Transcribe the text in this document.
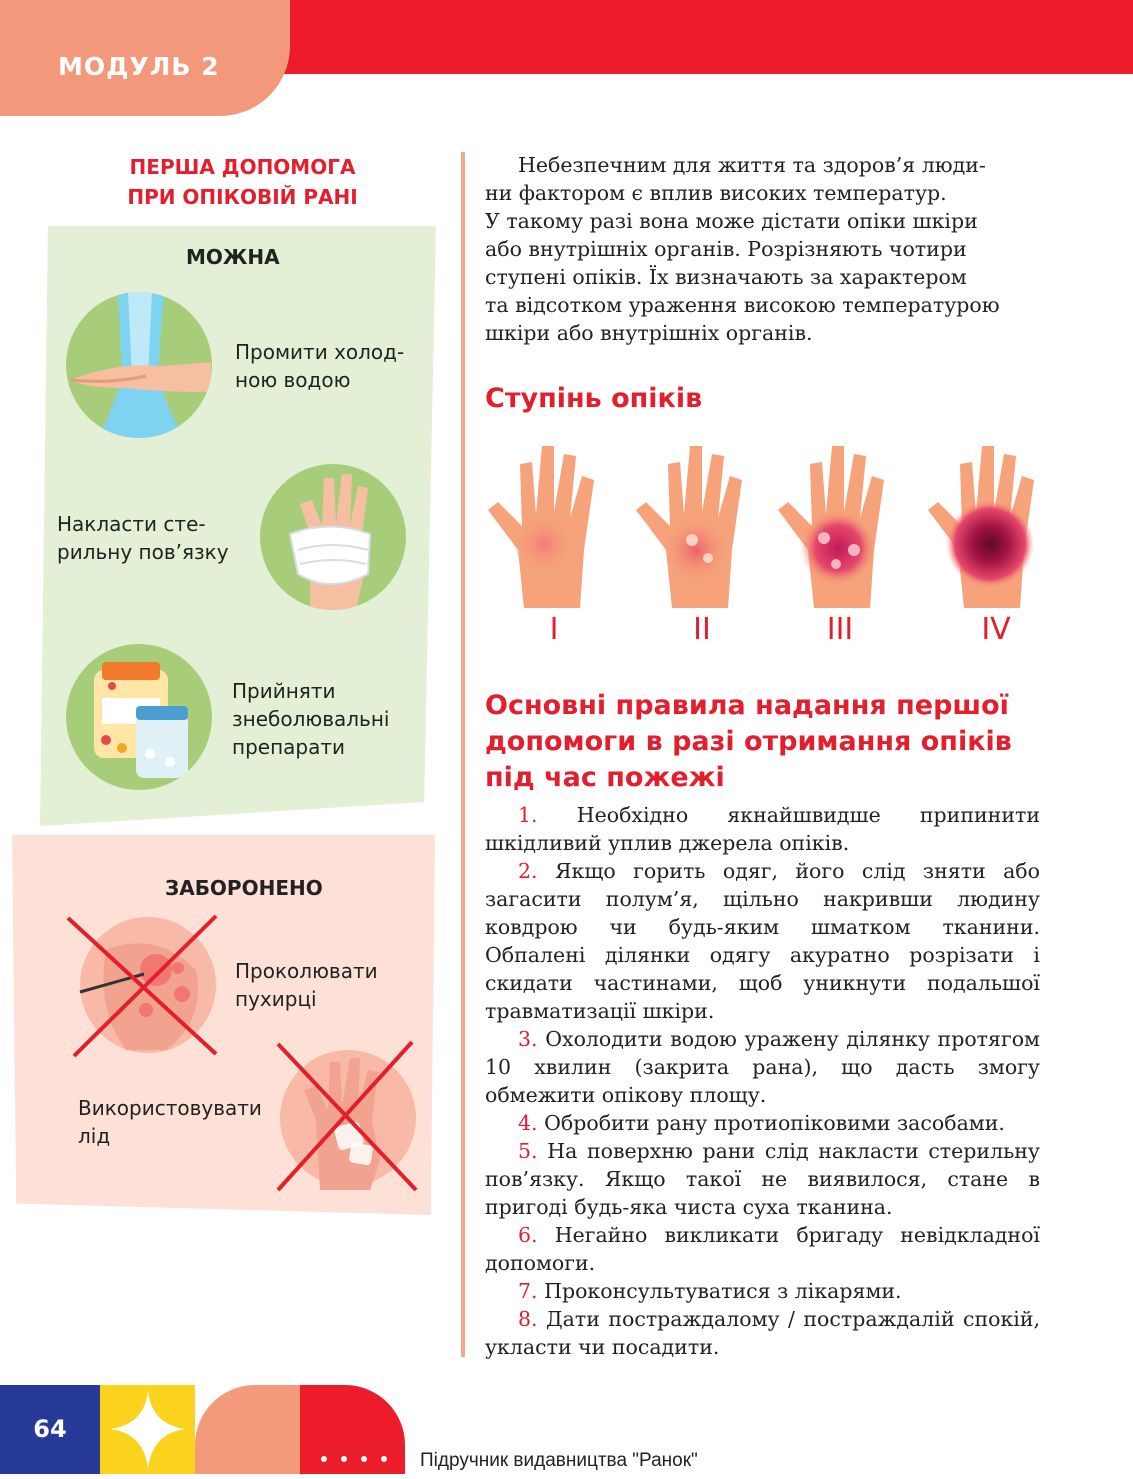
МОДУЛЬ 2
ПЕРША ДОПОМОГА
ПРИ ОПІКОВІЙ РАНІ
МОЖНА
Промити холод-
ною водою
Накласти сте-
рильну пов’язку
Прийняти
знеболювальні
препарати
ЗАБОРОНЕНО
Проколювати
пухирці
Використовувати
лід
Небезпечним для життя та здоров’я люди-
ни фактором є вплив високих температур.
У такому разі вона може дістати опіки шкіри
або внутрішніх органів. Розрізняють чотири
ступені опіків. Їх визначають за характером
та відсотком ураження високою температурою
шкіри або внутрішніх органів.
Ступінь опіків
I	II	III	IV
Основні правила надання першої
допомоги в разі отримання опіків
під час пожежі

1. Необхідно якнайшвидше припинити шкідливий уплив джерела опіків.

2. Якщо горить одяг, його слід зняти або загасити полум’я, щільно накривши людину ковдрою чи будь-яким шматком тканини. Обпалені ділянки одягу акуратно розрізати і скидати частинами, щоб уникнути подальшої травматизації шкіри.

3. Охолодити водою уражену ділянку протягом 10 хвилин (закрита рана), що дасть змогу обмежити опікову площу.

4. Обробити рану протиопіковими засобами.

5. На поверхню рани слід накласти стерильну пов’язку. Якщо такої не виявилося, стане в пригоді будь-яка чиста суха тканина.

6. Негайно викликати бригаду невідкладної допомоги.

7. Проконсультуватися з лікарями.

8. Дати постраждалому / постраждалій спокій, укласти чи посадити.

64
Підручник видавництва "Ранок"
